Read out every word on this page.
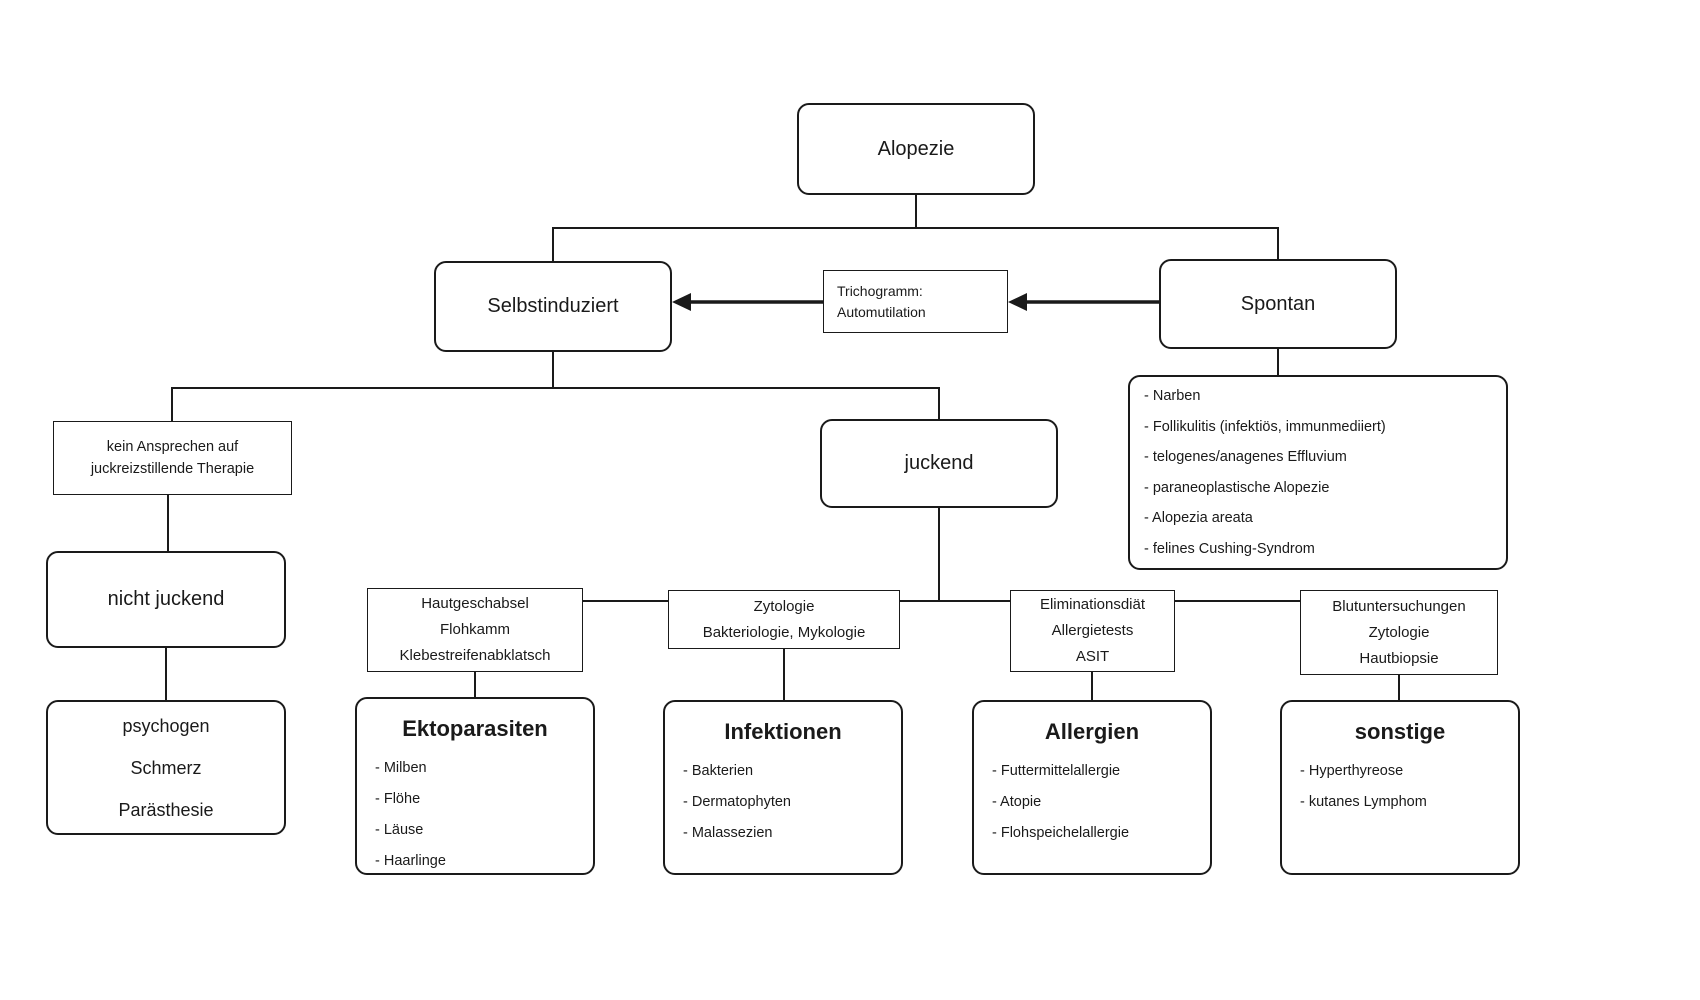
Alopezie
Selbstinduziert
Trichogramm:
Automutilation	Spontan
- Narben
- Follikulitis (infektiös, immunmediiert)
- telogenes/anagenes Effluvium
- paraneoplastische Alopezie
- Alopezia areata
- felines Cushing-Syndrom
kein Ansprechen auf
juckreizstillende Therapie	juckend
nicht juckend
psychogen
Schmerz
Parästhesie
Hautgeschabsel
Flohkamm
Klebestreifenabklatsch
Zytologie
Bakteriologie, Mykologie
Eliminationsdiät
Allergietests
ASIT
Blutuntersuchungen
Zytologie
Hautbiopsie
Ektoparasiten
- Milben
- Flöhe
- Läuse
- Haarlinge
Infektionen
- Bakterien
- Dermatophyten
- Malassezien
Allergien
- Futtermittelallergie
- Atopie
- Flohspeichelallergie
sonstige
- Hyperthyreose
- kutanes Lymphom
